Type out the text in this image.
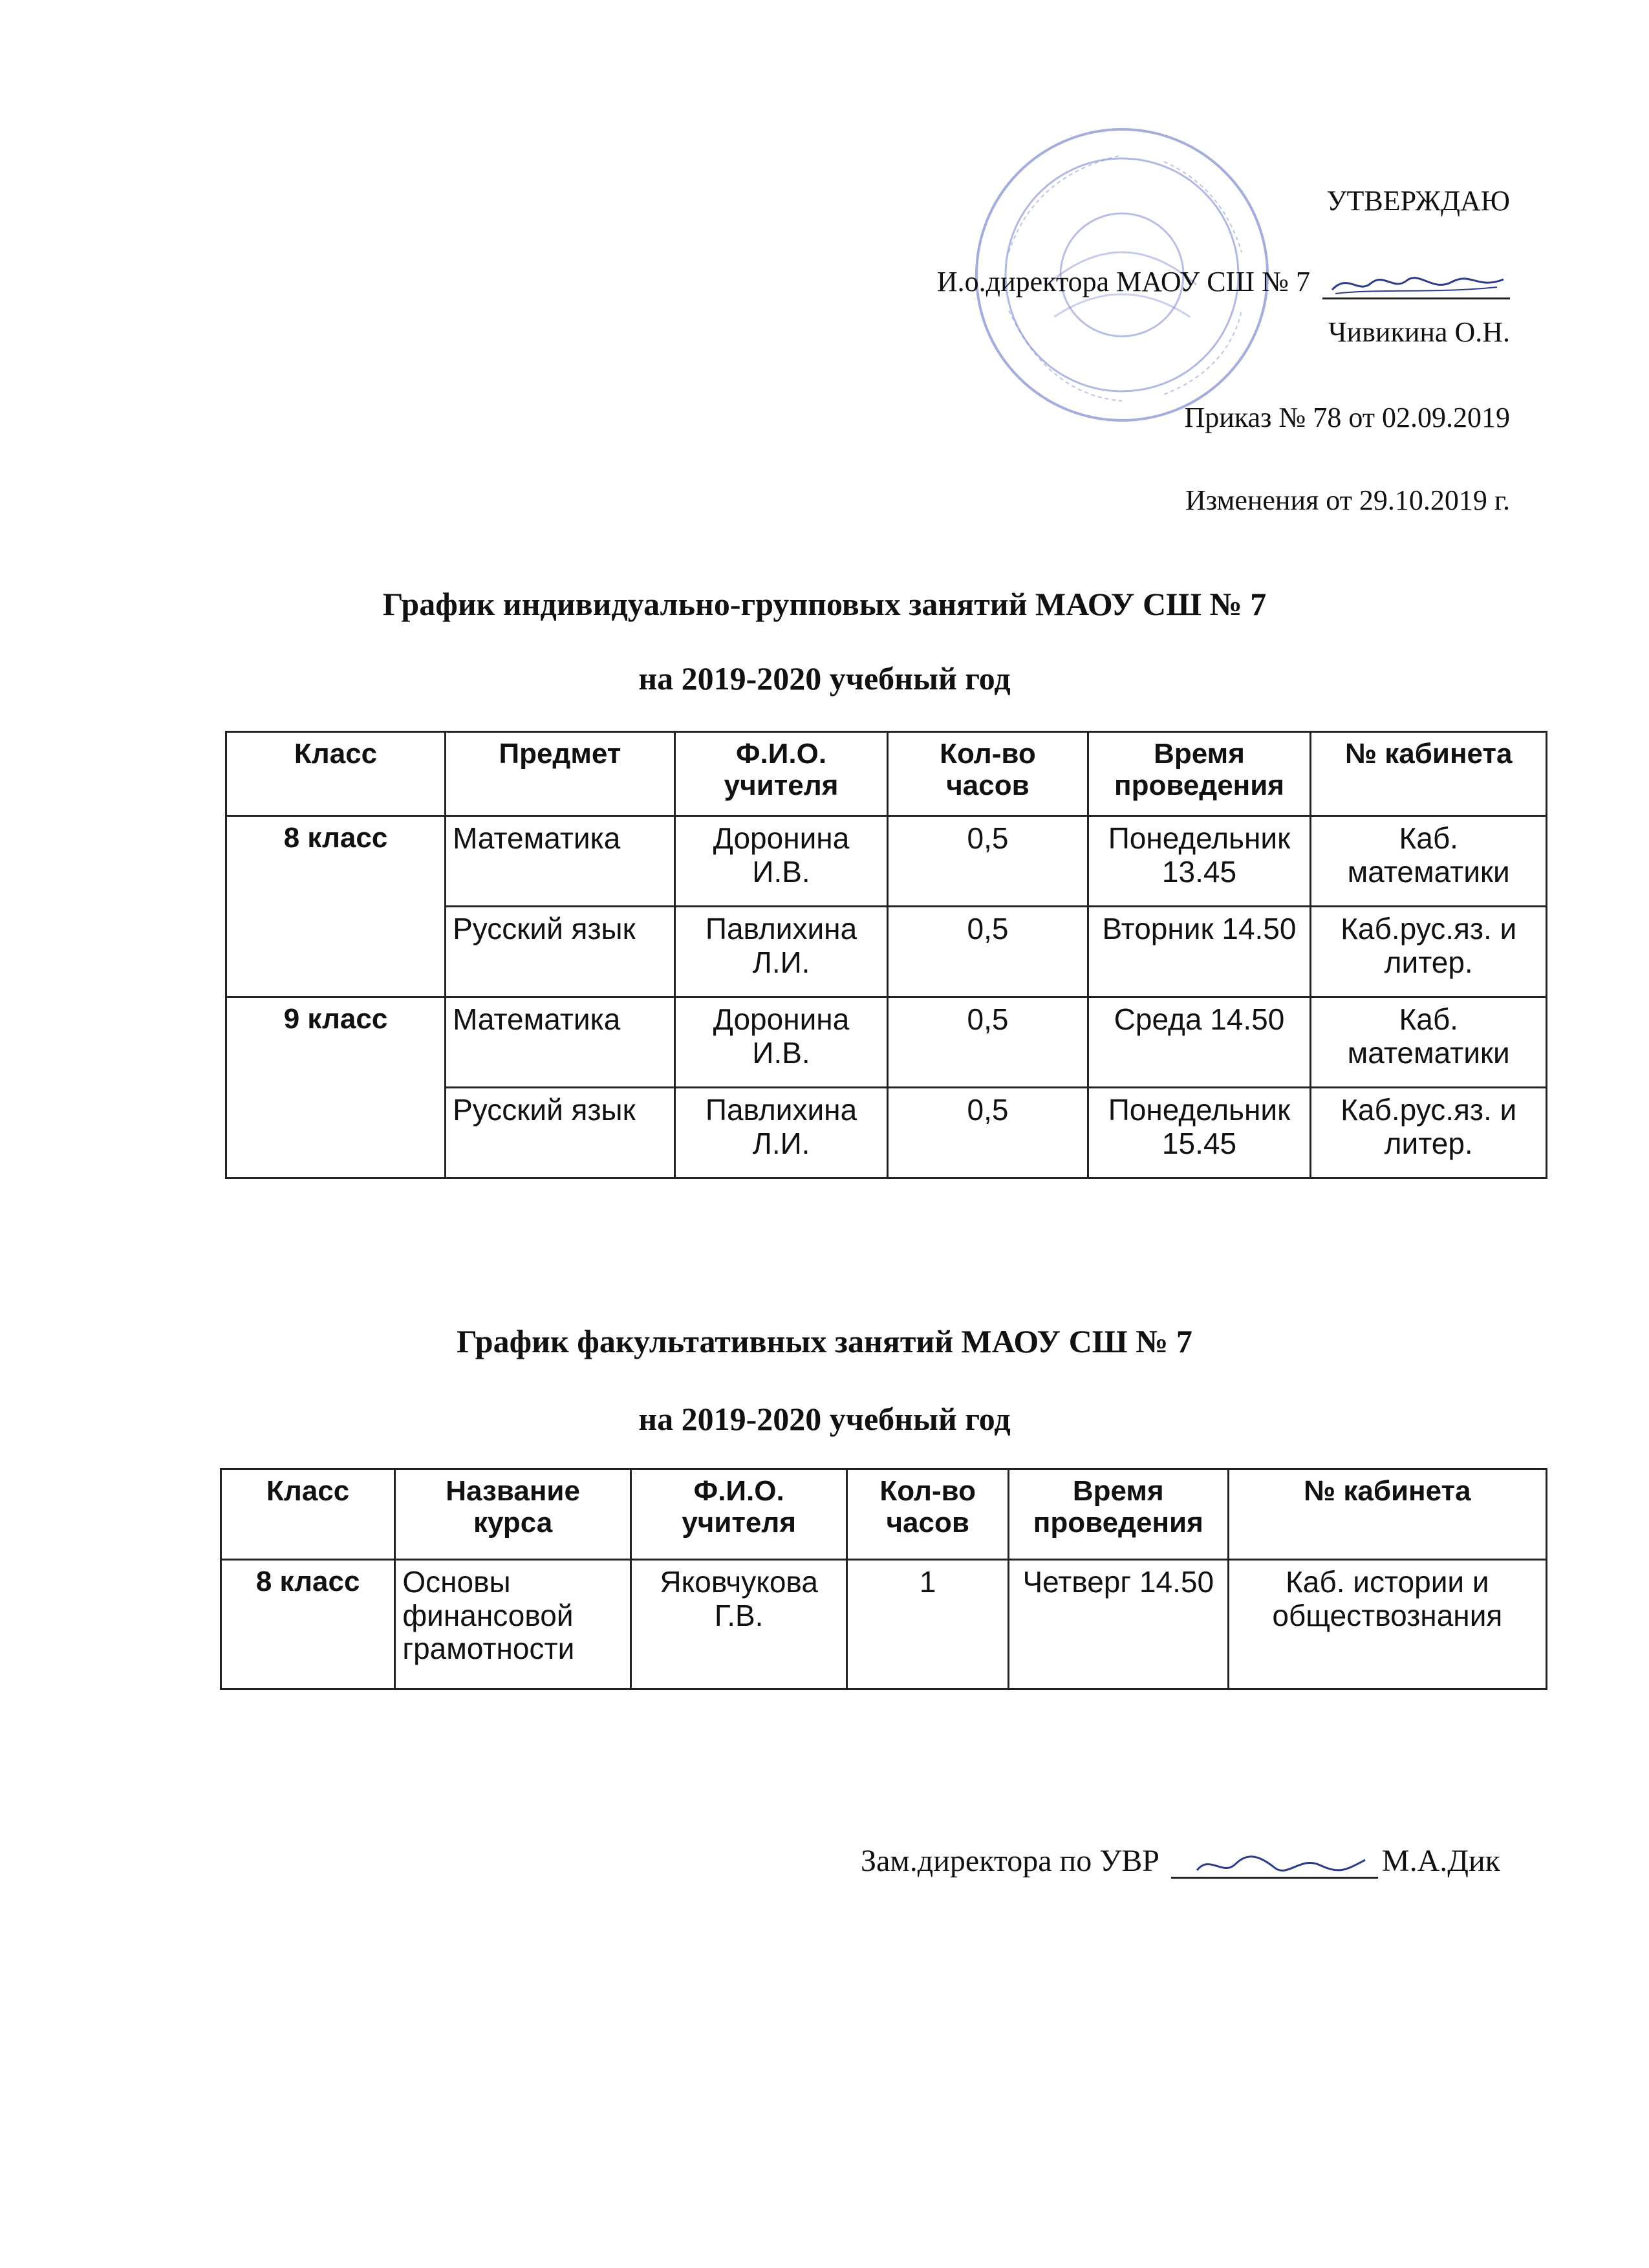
УТВЕРЖДАЮ
И.о.директора МАОУ СШ № 7
Чивикина О.Н.
Приказ № 78 от 02.09.2019
Изменения от 29.10.2019 г.
График индивидуально-групповых занятий МАОУ СШ № 7
на 2019-2020 учебный год
Класс	Предмет	Ф.И.О. учителя	Кол-во часов	Время проведения	№ кабинета
8 класс	Математика	Доронина И.В.	0,5	Понедельник 13.45	Каб. математики
	Русский язык	Павлихина Л.И.	0,5	Вторник 14.50	Каб.рус.яз. и литер.
9 класс	Математика	Доронина И.В.	0,5	Среда 14.50	Каб. математики
	Русский язык	Павлихина Л.И.	0,5	Понедельник 15.45	Каб.рус.яз. и литер.
График факультативных занятий МАОУ СШ № 7
на 2019-2020 учебный год
Класс	Название курса	Ф.И.О. учителя	Кол-во часов	Время проведения	№ кабинета
8 класс	Основы финансовой грамотности	Яковчукова Г.В.	1	Четверг 14.50	Каб. истории и обществознания
Зам.директора по УВР	М.А.Дик
